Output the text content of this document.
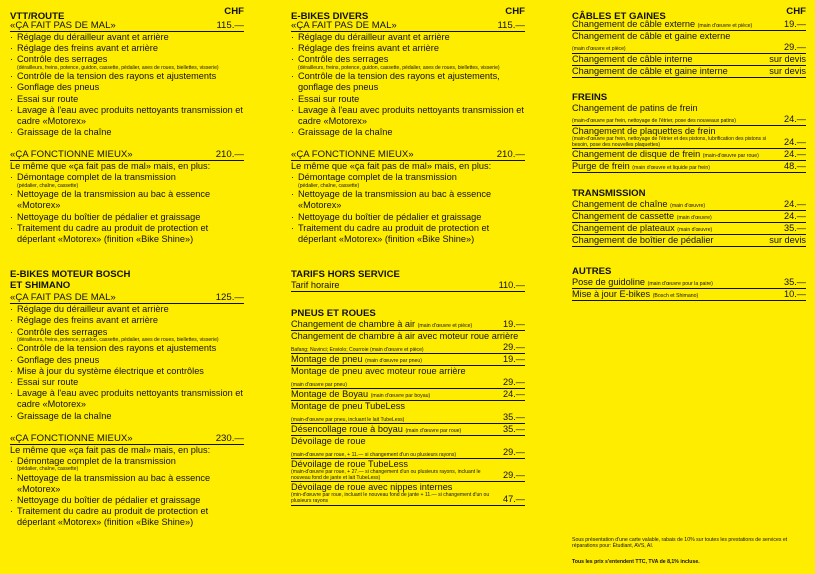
VTT/ROUTE	CHF
«ÇA FAIT PAS DE MAL»	115.—
· Réglage du dérailleur avant et arrière
· Réglage des freins avant et arrière
· Contrôle des serrages
(dérailleurs, freins, potence, guidon, cassette, pédalier, axes de roues, biellettes, visserie)
· Contrôle de la tension des rayons et ajustements
· Gonflage des pneus
· Essai sur route
· Lavage à l'eau avec produits nettoyants transmission et cadre «Motorex»
· Graissage de la chaîne
«ÇA FONCTIONNE MIEUX»	210.—
Le même que «ça fait pas de mal» mais, en plus:
· Démontage complet de la transmission
(pédalier, chaîne, cassette)
· Nettoyage de la transmission au bac à essence «Motorex»
· Nettoyage du boîtier de pédalier et graissage
· Traitement du cadre au produit de protection et déperlant «Motorex» (finition «Bike Shine»)
E-BIKES MOTEUR BOSCH
ET SHIMANO
«ÇA FAIT PAS DE MAL»	125.—
· Réglage du dérailleur avant et arrière
· Réglage des freins avant et arrière
· Contrôle des serrages
(dérailleurs, freins, potence, guidon, cassette, pédalier, axes de roues, biellettes, visserie)
· Contrôle de la tension des rayons et ajustements
· Gonflage des pneus
· Mise à jour du système électrique et contrôles
· Essai sur route
· Lavage à l'eau avec produits nettoyants transmission et cadre «Motorex»
· Graissage de la chaîne
«ÇA FONCTIONNE MIEUX»	230.—
Le même que «ça fait pas de mal» mais, en plus:
· Démontage complet de la transmission
(pédalier, chaîne, cassette)
· Nettoyage de la transmission au bac à essence «Motorex»
· Nettoyage du boîtier de pédalier et graissage
· Traitement du cadre au produit de protection et déperlant «Motorex» (finition «Bike Shine»)
E-BIKES DIVERS	CHF
«ÇA FAIT PAS DE MAL»	115.—
· Réglage du dérailleur avant et arrière
· Réglage des freins avant et arrière
· Contrôle des serrages
(dérailleurs, freins, potence, guidon, cassette, pédalier, axes de roues, biellettes, visserie)
· Contrôle de la tension des rayons et ajustements, gonflage des pneus
· Essai sur route
· Lavage à l'eau avec produits nettoyants transmission et cadre «Motorex»
· Graissage de la chaîne
«ÇA FONCTIONNE MIEUX»	210.—
Le même que «ça fait pas de mal» mais, en plus:
· Démontage complet de la transmission
(pédalier, chaîne, cassette)
· Nettoyage de la transmission au bac à essence «Motorex»
· Nettoyage du boîtier de pédalier et graissage
· Traitement du cadre au produit de protection et déperlant «Motorex» (finition «Bike Shine»)
TARIFS HORS SERVICE
Tarif horaire	110.—
PNEUS ET ROUES
Changement de chambre à air (main d'œuvre et pièce)	19.—
Changement de chambre à air avec moteur roue arrière
Bafang; Nuvinci; Enviolo; Courroie (main d'œuvre et pièce)	29.—
Montage de pneu (main d'œuvre par pneu)	19.—
Montage de pneu avec moteur roue arrière
(main d'œuvre par pneu)	29.—
Montage de Boyau (main d'œuvre par boyau)	24.—
Montage de pneu TubeLess
(main-d'œuvre par pneu, incluant le lait TubeLess)	35.—
Désencollage roue à boyau (main d'œuvre par roue)	35.—
Dévoilage de roue
(main-d'œuvre par roue, + 11.— si changement d'un ou plusieurs rayons)	29.—
Dévoilage de roue TubeLess
(main-d'œuvre par roue, + 27.— si changement d'un ou plusieurs rayons, incluant le nouveau fond de jante et lait TubeLess)	29.—
Dévoilage de roue avec nippes internes
(min-d'œuvre par roue, incluant le nouveau fond de jante + 11.— si changement d'un ou plusieurs rayons	47.—
CÂBLES ET GAINES	CHF
Changement de câble externe (main d'œuvre et pièce)	19.—
Changement de câble et gaine externe
(main d'œuvre et pièce)	29.—
Changement de câble interne	sur devis
Changement de câble et gaine interne	sur devis
FREINS
Changement de patins de frein
(main-d'œuvre par frein, nettoyage de l'étrier, pose des nouveaux patins)	24.—
Changement de plaquettes de frein
(main-d'œuvre par frein, nettoyage de l'étrier et des pistons, lubrification des pistons si besoin, pose des nouvelles plaquettes)	24.—
Changement de disque de frein (main-d'œuvre par roue)	24.—
Purge de frein (main d'œuvre et liquide par frein)	48.—
TRANSMISSION
Changement de chaîne (main d'œuvre)	24.—
Changement de cassette (main d'œuvre)	24.—
Changement de plateaux (main d'œuvre)	35.—
Changement de boîtier de pédalier	sur devis
AUTRES
Pose de guidoline (main d'œuvre pour la paire)	35.—
Mise à jour E-bikes (Bosch et Shimano)	10.—
Sous présentation d'une carte valable, rabais de 10% sur toutes les prestations de services et réparations pour: Étudiant, AVS, AI.
Tous les prix s'entendent TTC, TVA de 8,1% incluse.
